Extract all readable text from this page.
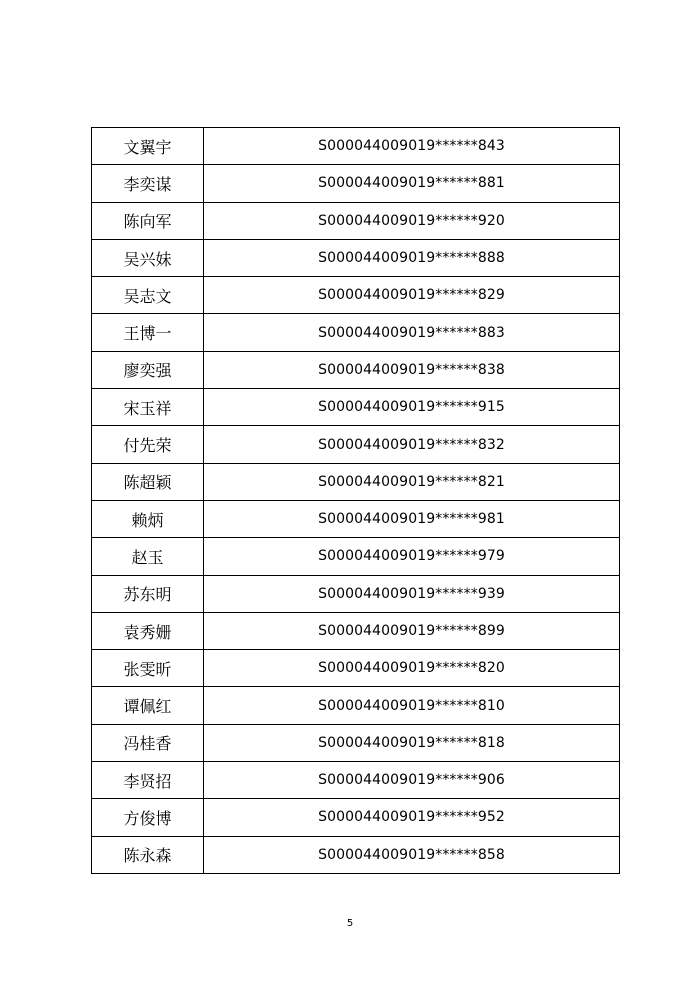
文翼宇	S000044009019******843
李奕谋	S000044009019******881
陈向军	S000044009019******920
吴兴妹	S000044009019******888
吴志文	S000044009019******829
王博一	S000044009019******883
廖奕强	S000044009019******838
宋玉祥	S000044009019******915
付先荣	S000044009019******832
陈超颖	S000044009019******821
赖炳	S000044009019******981
赵玉	S000044009019******979
苏东明	S000044009019******939
袁秀姗	S000044009019******899
张雯昕	S000044009019******820
谭佩红	S000044009019******810
冯桂香	S000044009019******818
李贤招	S000044009019******906
方俊博	S000044009019******952
陈永森	S000044009019******858
5
